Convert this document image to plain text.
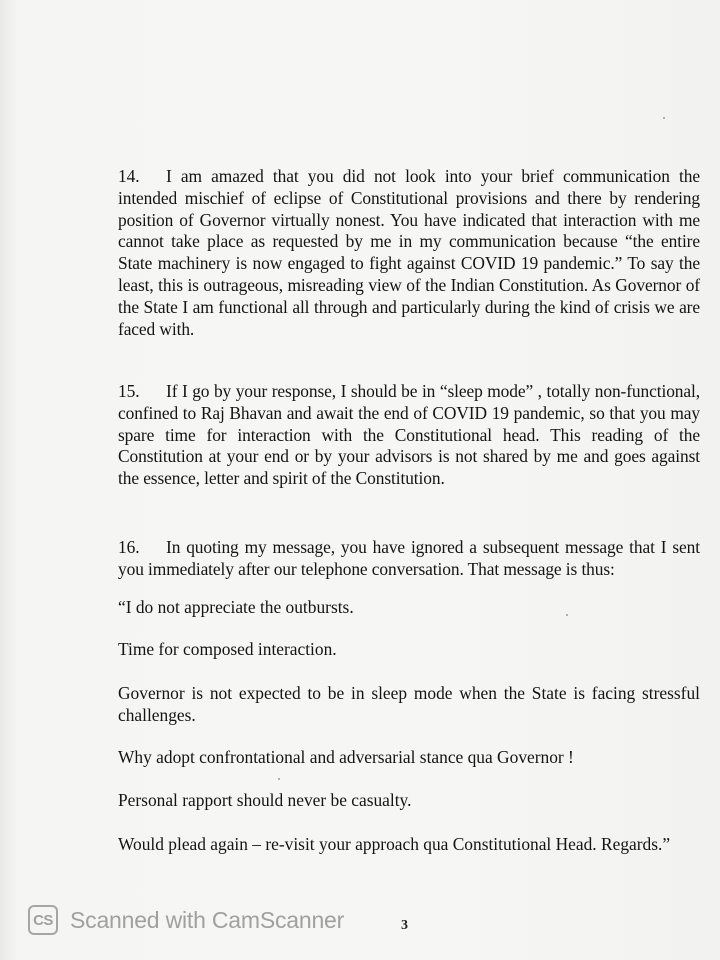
14. I am amazed that you did not look into your brief communication the intended mischief of eclipse of Constitutional provisions and there by rendering position of Governor virtually nonest. You have indicated that interaction with me cannot take place as requested by me in my communication because “the entire State machinery is now engaged to fight against COVID 19 pandemic.” To say the least, this is outrageous, misreading view of the Indian Constitution. As Governor of the State I am functional all through and particularly during the kind of crisis we are faced with.

15. If I go by your response, I should be in “sleep mode” , totally non-functional, confined to Raj Bhavan and await the end of COVID 19 pandemic, so that you may spare time for interaction with the Constitutional head. This reading of the Constitution at your end or by your advisors is not shared by me and goes against the essence, letter and spirit of the Constitution.

16. In quoting my message, you have ignored a subsequent message that I sent you immediately after our telephone conversation. That message is thus:

“I do not appreciate the outbursts.

Time for composed interaction.

Governor is not expected to be in sleep mode when the State is facing stressful challenges.

Why adopt confrontational and adversarial stance qua Governor !

Personal rapport should never be casualty.

Would plead again – re-visit your approach qua Constitutional Head. Regards.”

CS Scanned with CamScanner	3
